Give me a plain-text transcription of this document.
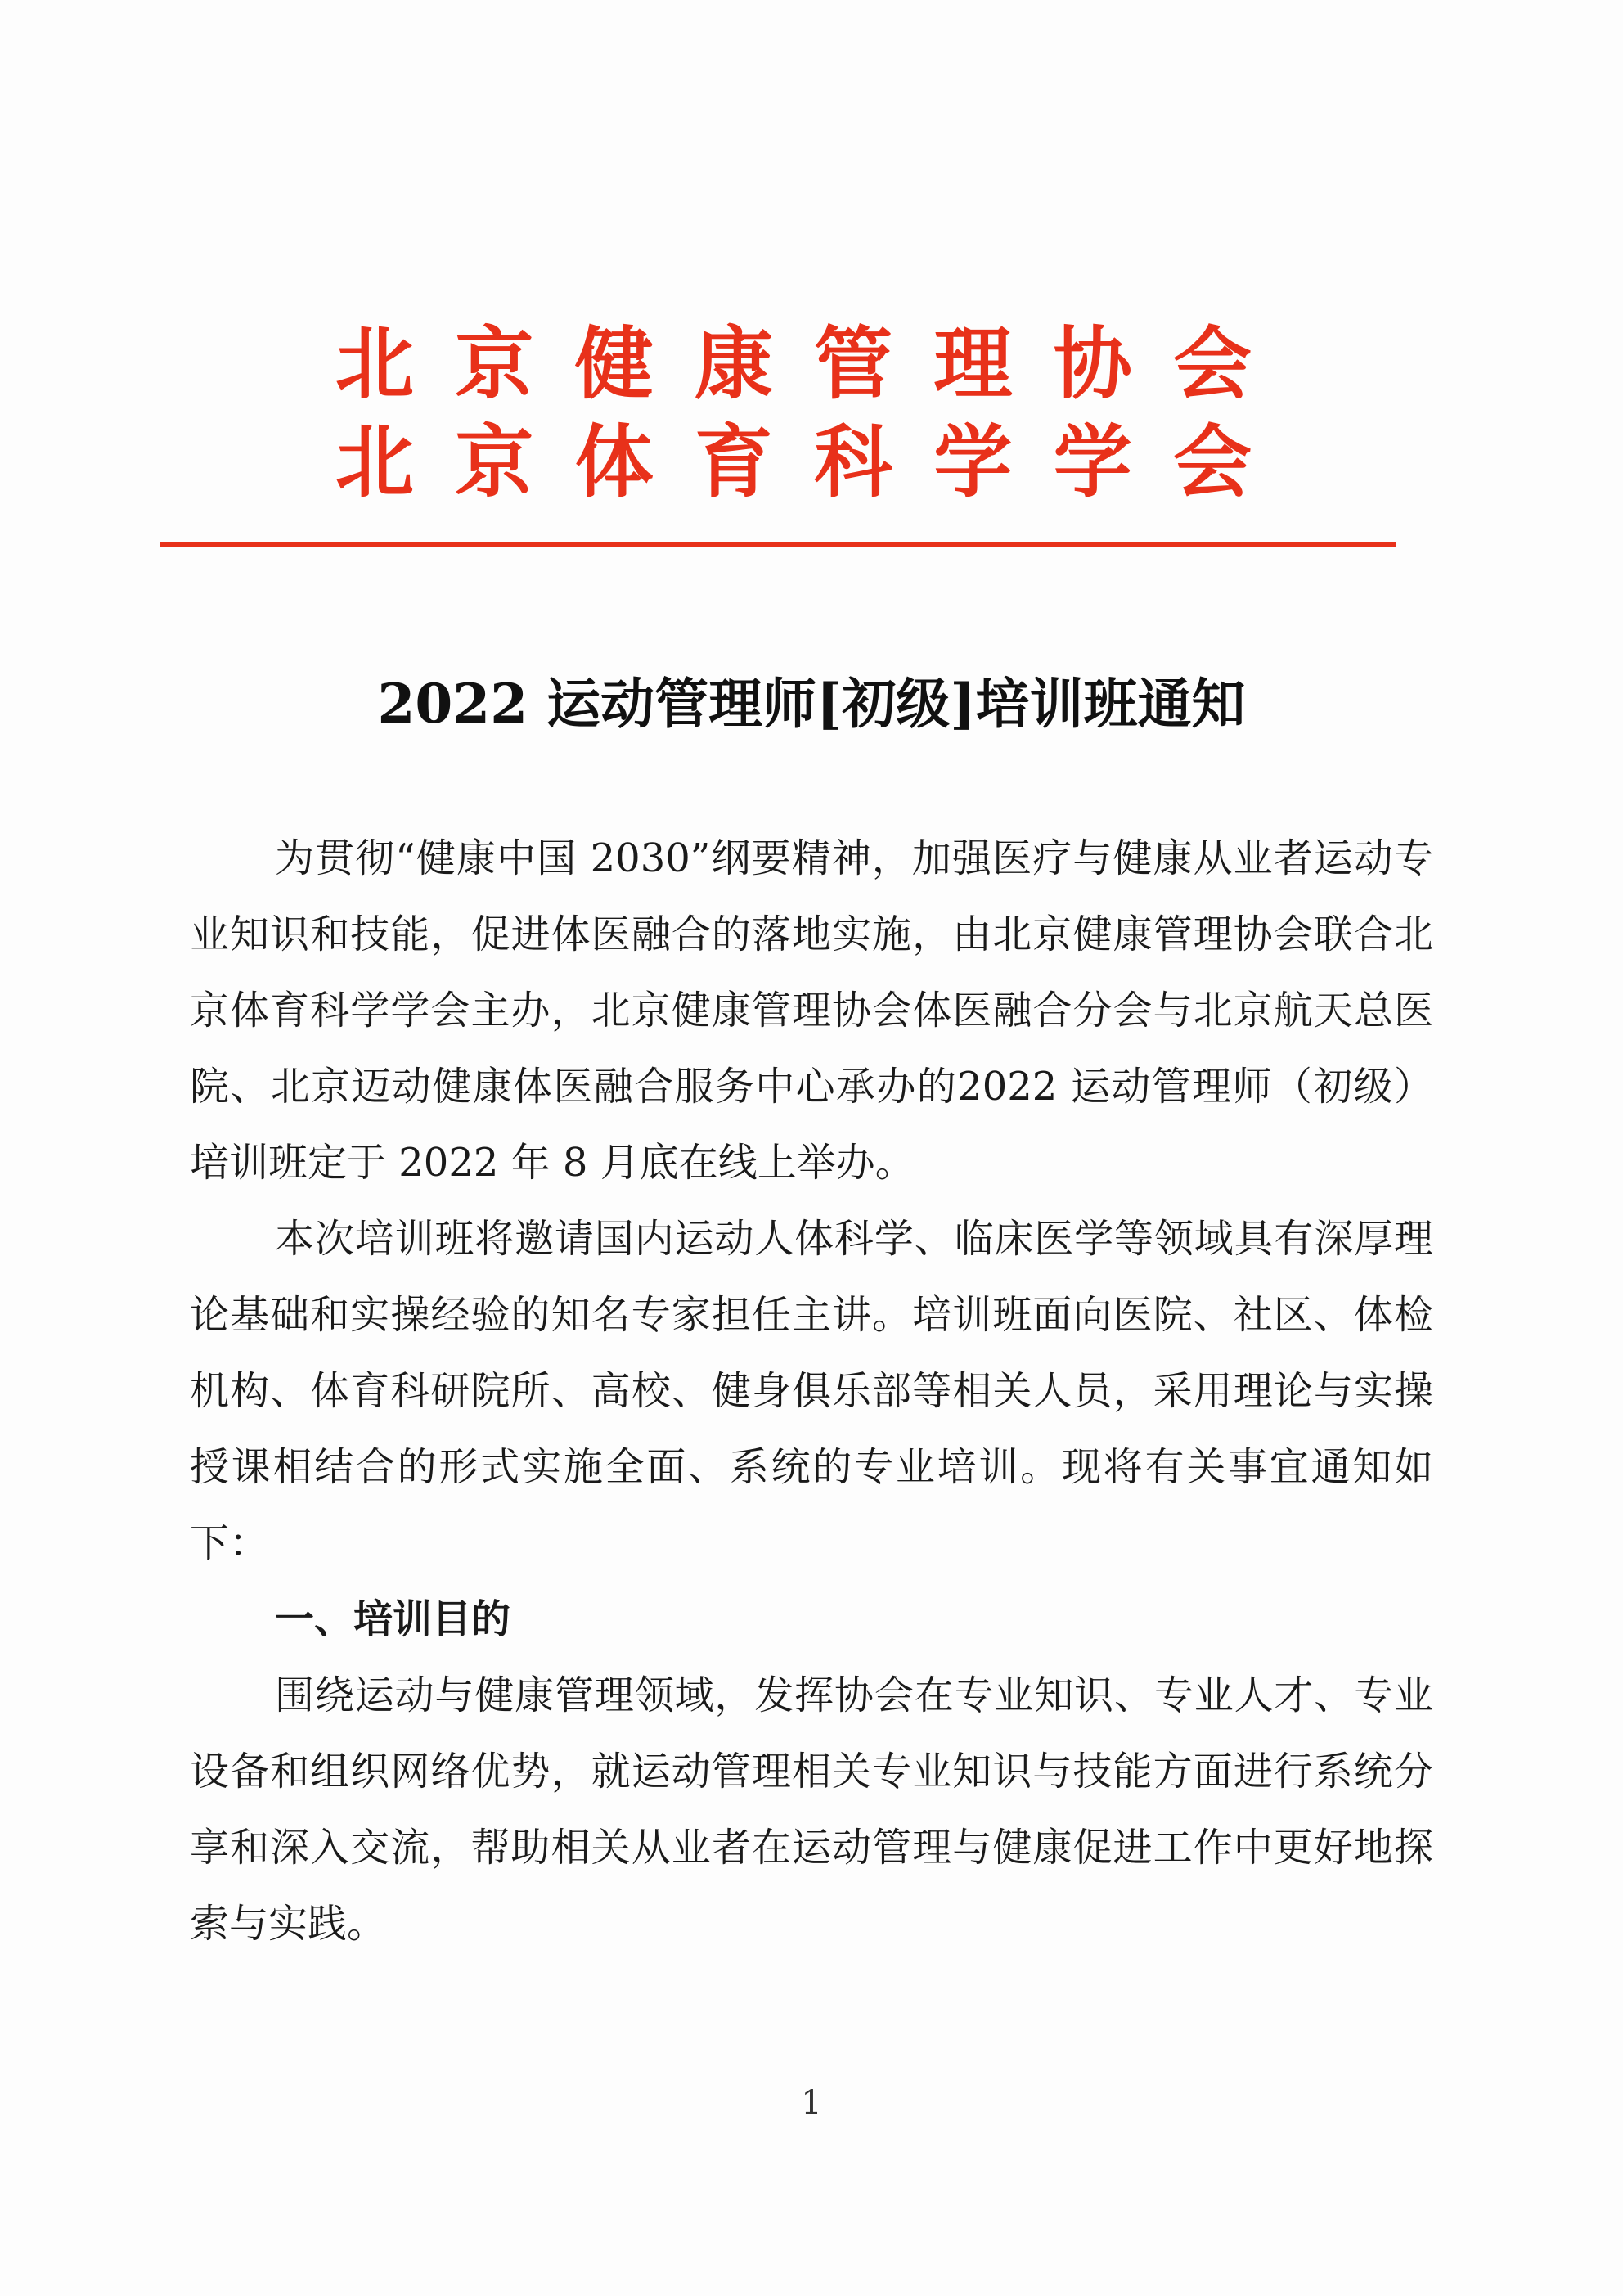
北 京 健 康 管 理 协 会
北 京 体 育 科 学 学 会
2022 运动管理师[初级]培训班通知

为贯彻“健康中国 2030”纲要精神，加强医疗与健康从业者运动专业知识和技能，促进体医融合的落地实施，由北京健康管理协会联合北京体育科学学会主办，北京健康管理协会体医融合分会与北京航天总医院、北京迈动健康体医融合服务中心承办的2022 运动管理师（初级）培训班定于 2022 年 8 月底在线上举办。

本次培训班将邀请国内运动人体科学、临床医学等领域具有深厚理论基础和实操经验的知名专家担任主讲。培训班面向医院、社区、体检机构、体育科研院所、高校、健身俱乐部等相关人员，采用理论与实操授课相结合的形式实施全面、系统的专业培训。现将有关事宜通知如下：

一、培训目的

围绕运动与健康管理领域，发挥协会在专业知识、专业人才、专业设备和组织网络优势，就运动管理相关专业知识与技能方面进行系统分享和深入交流，帮助相关从业者在运动管理与健康促进工作中更好地探索与实践。

1
